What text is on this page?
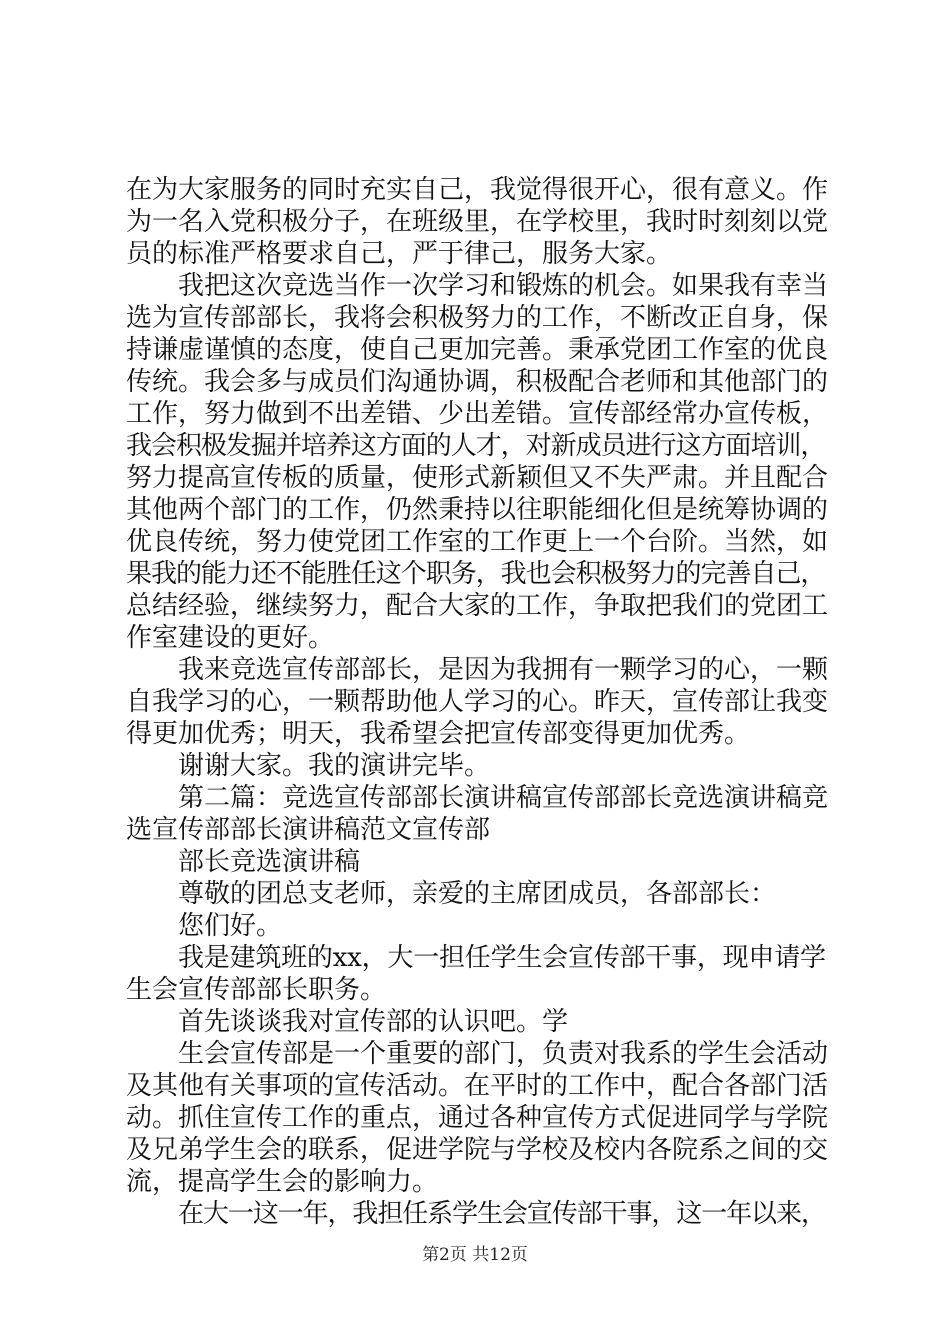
在为大家服务的同时充实自己，我觉得很开心，很有意义。作
为一名入党积极分子，在班级里，在学校里，我时时刻刻以党
员的标准严格要求自己，严于律己，服务大家。
我把这次竞选当作一次学习和锻炼的机会。如果我有幸当
选为宣传部部长，我将会积极努力的工作，不断改正自身，保
持谦虚谨慎的态度，使自己更加完善。秉承党团工作室的优良
传统。我会多与成员们沟通协调，积极配合老师和其他部门的
工作，努力做到不出差错、少出差错。宣传部经常办宣传板，
我会积极发掘并培养这方面的人才，对新成员进行这方面培训，
努力提高宣传板的质量，使形式新颖但又不失严肃。并且配合
其他两个部门的工作，仍然秉持以往职能细化但是统筹协调的
优良传统，努力使党团工作室的工作更上一个台阶。当然，如
果我的能力还不能胜任这个职务，我也会积极努力的完善自己，
总结经验，继续努力，配合大家的工作，争取把我们的党团工
作室建设的更好。
我来竞选宣传部部长，是因为我拥有一颗学习的心，一颗
自我学习的心，一颗帮助他人学习的心。昨天，宣传部让我变
得更加优秀；明天，我希望会把宣传部变得更加优秀。
谢谢大家。我的演讲完毕。
第二篇：竞选宣传部部长演讲稿宣传部部长竞选演讲稿竞
选宣传部部长演讲稿范文宣传部
部长竞选演讲稿
尊敬的团总支老师，亲爱的主席团成员，各部部长：
您们好。
我是建筑班的xx，大一担任学生会宣传部干事，现申请学
生会宣传部部长职务。
首先谈谈我对宣传部的认识吧。学
生会宣传部是一个重要的部门，负责对我系的学生会活动
及其他有关事项的宣传活动。在平时的工作中，配合各部门活
动。抓住宣传工作的重点，通过各种宣传方式促进同学与学院
及兄弟学生会的联系，促进学院与学校及校内各院系之间的交
流，提高学生会的影响力。
在大一这一年，我担任系学生会宣传部干事，这一年以来，
第2页 共12页
